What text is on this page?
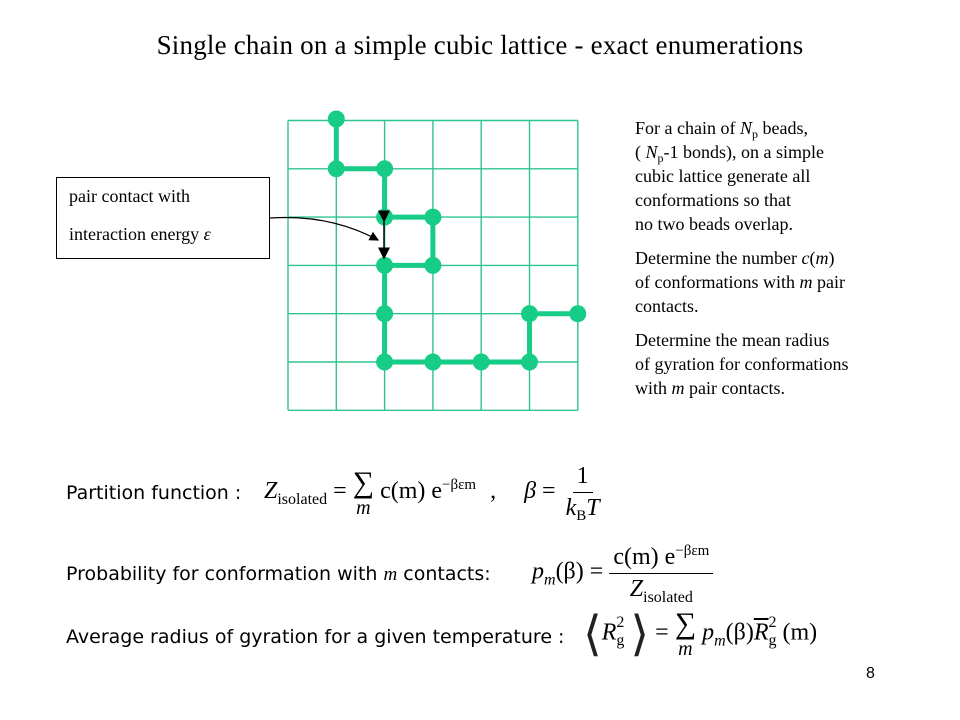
Single chain on a simple cubic lattice - exact enumerations
pair contact with
interaction energy ε

For a chain of $N_p$ beads,
( $N_p-1$ bonds), on a simple
cubic lattice generate all
conformations so that
no two beads overlap.

Determine the number c(m)
of conformations with m pair
contacts.

Determine the mean radius
of gyration for conformations
with m pair contacts.

Partition function : $Z_{isolated}$ = ∑
m
c(m) $e^{-\beta\varepsilon m}$ , $\beta = \frac{1}{k_BT}$
Probability for conformation with m contacts: $p_m(\beta) = \frac{c(m) e^{-\beta\varepsilon m}}{Z_{isolated}}$
Average radius of gyration for a given temperature : ⟨R 2
g ⟩ = ∑
m
$p_m(\beta)\overline{R}$ 2
g (m)
8
